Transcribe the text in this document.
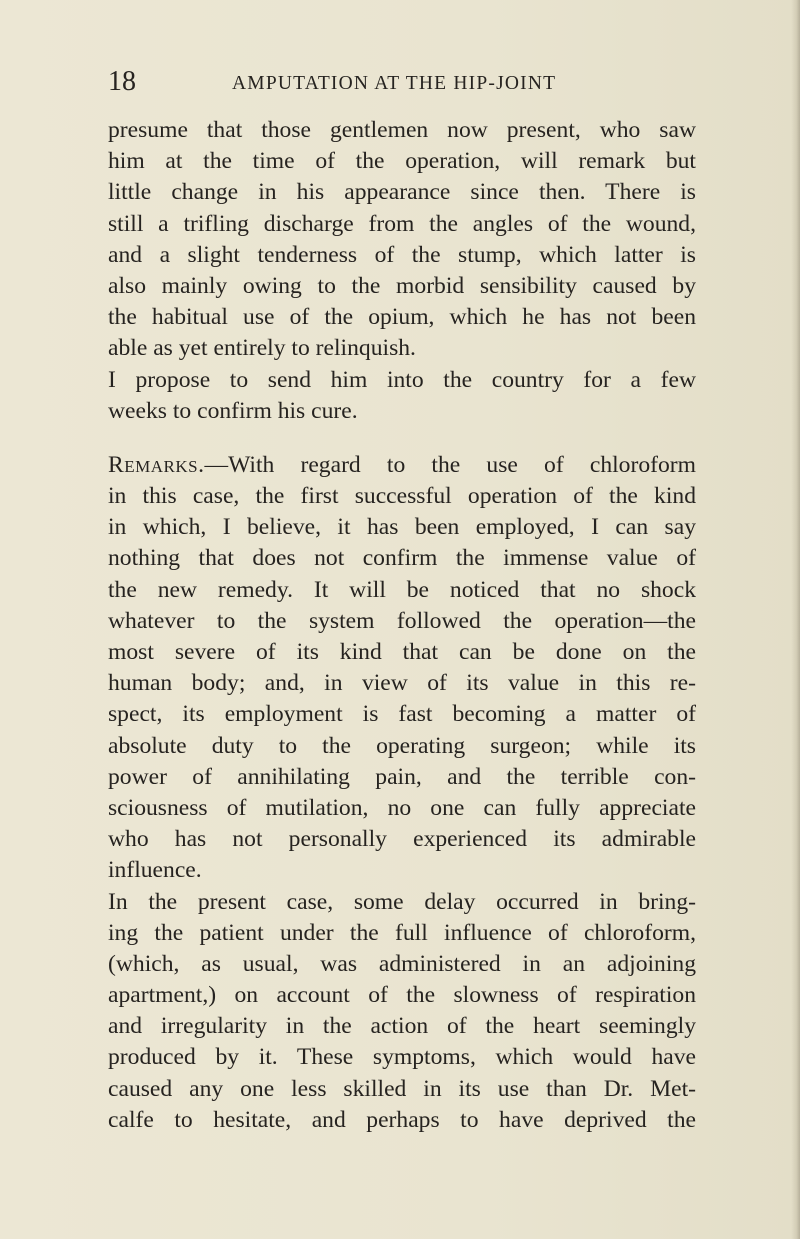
18	AMPUTATION AT THE HIP-JOINT
presume that those gentlemen now present, who saw
him at the time of the operation, will remark but
little change in his appearance since then. There is
still a trifling discharge from the angles of the wound,
and a slight tenderness of the stump, which latter is
also mainly owing to the morbid sensibility caused by
the habitual use of the opium, which he has not been
able as yet entirely to relinquish.
I propose to send him into the country for a few
weeks to confirm his cure.
Remarks.—With regard to the use of chloroform
in this case, the first successful operation of the kind
in which, I believe, it has been employed, I can say
nothing that does not confirm the immense value of
the new remedy. It will be noticed that no shock
whatever to the system followed the operation—the
most severe of its kind that can be done on the
human body; and, in view of its value in this re-
spect, its employment is fast becoming a matter of
absolute duty to the operating surgeon; while its
power of annihilating pain, and the terrible con-
sciousness of mutilation, no one can fully appreciate
who has not personally experienced its admirable
influence.
In the present case, some delay occurred in bring-
ing the patient under the full influence of chloroform,
(which, as usual, was administered in an adjoining
apartment,) on account of the slowness of respiration
and irregularity in the action of the heart seemingly
produced by it. These symptoms, which would have
caused any one less skilled in its use than Dr. Met-
calfe to hesitate, and perhaps to have deprived the
